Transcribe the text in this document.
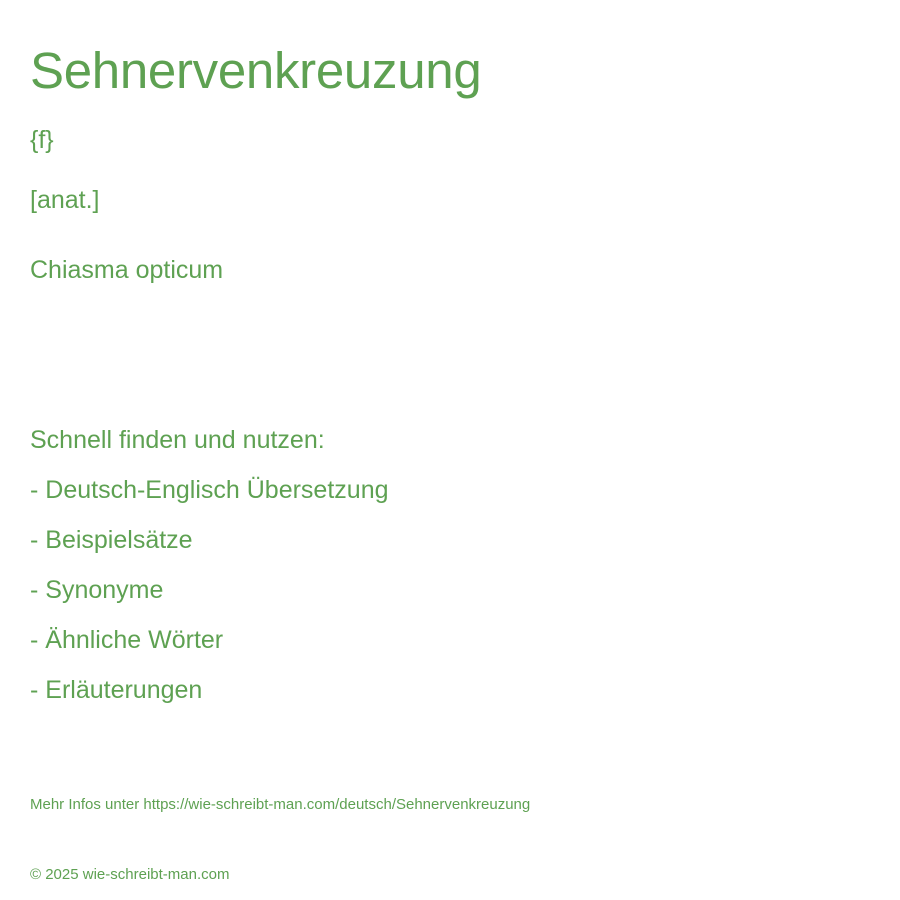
Sehnervenkreuzung
{f}
[anat.]
Chiasma opticum
Schnell finden und nutzen:
- Deutsch-Englisch Übersetzung
- Beispielsätze
- Synonyme
- Ähnliche Wörter
- Erläuterungen
Mehr Infos unter https://wie-schreibt-man.com/deutsch/Sehnervenkreuzung
© 2025 wie-schreibt-man.com
